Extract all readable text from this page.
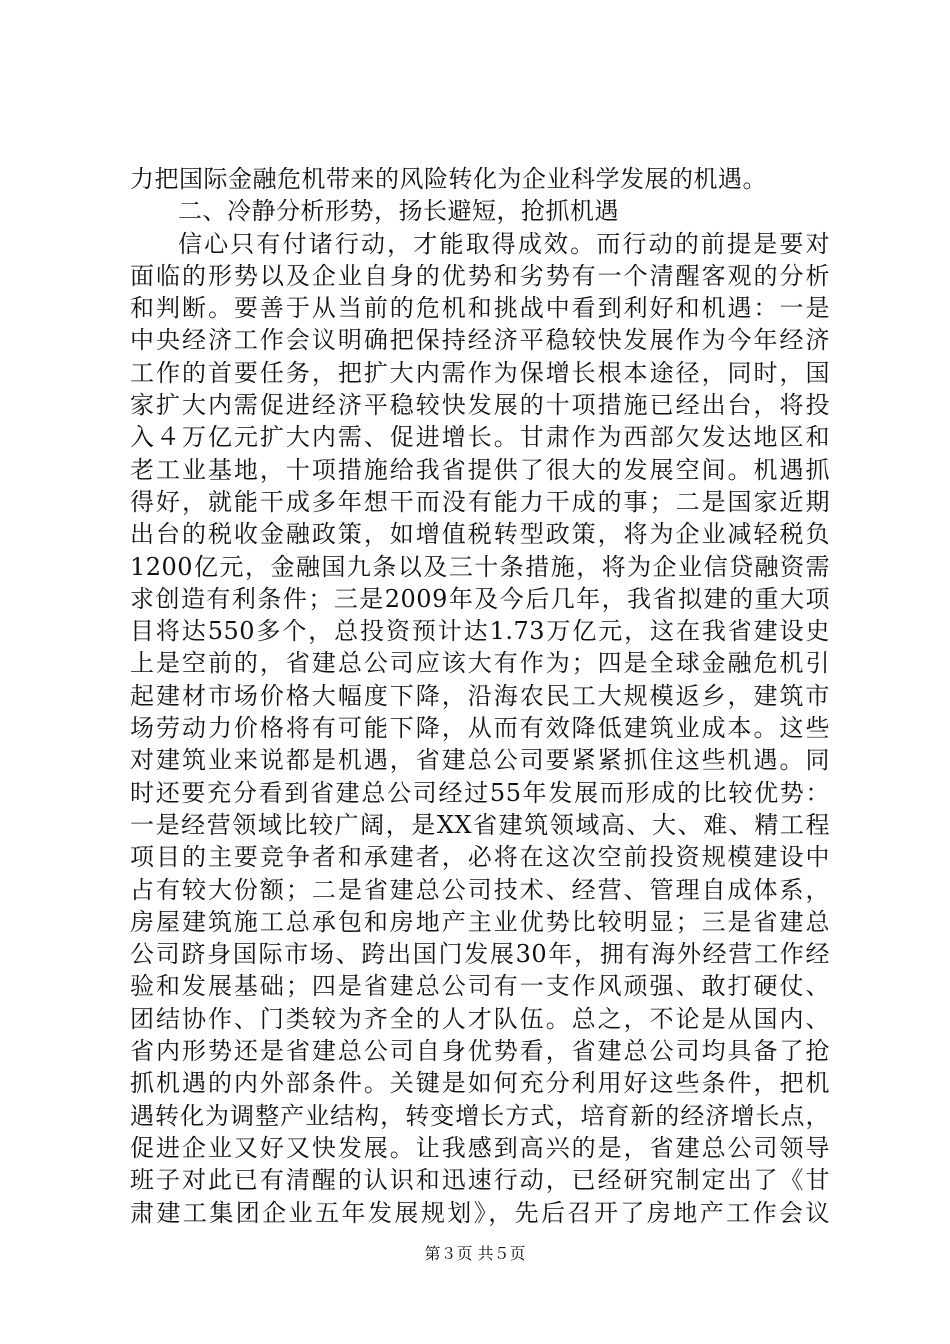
力把国际金融危机带来的风险转化为企业科学发展的机遇。
二、冷静分析形势，扬长避短，抢抓机遇
信心只有付诸行动，才能取得成效。而行动的前提是要对
面临的形势以及企业自身的优势和劣势有一个清醒客观的分析
和判断。要善于从当前的危机和挑战中看到利好和机遇：一是
中央经济工作会议明确把保持经济平稳较快发展作为今年经济
工作的首要任务，把扩大内需作为保增长根本途径，同时，国
家扩大内需促进经济平稳较快发展的十项措施已经出台，将投
入４万亿元扩大内需、促进增长。甘肃作为西部欠发达地区和
老工业基地，十项措施给我省提供了很大的发展空间。机遇抓
得好，就能干成多年想干而没有能力干成的事；二是国家近期
出台的税收金融政策，如增值税转型政策，将为企业减轻税负
1200亿元，金融国九条以及三十条措施，将为企业信贷融资需
求创造有利条件；三是2009年及今后几年，我省拟建的重大项
目将达550多个，总投资预计达1.73万亿元，这在我省建设史
上是空前的，省建总公司应该大有作为；四是全球金融危机引
起建材市场价格大幅度下降，沿海农民工大规模返乡，建筑市
场劳动力价格将有可能下降，从而有效降低建筑业成本。这些
对建筑业来说都是机遇，省建总公司要紧紧抓住这些机遇。同
时还要充分看到省建总公司经过55年发展而形成的比较优势：
一是经营领域比较广阔，是XX省建筑领域高、大、难、精工程
项目的主要竞争者和承建者，必将在这次空前投资规模建设中
占有较大份额；二是省建总公司技术、经营、管理自成体系，
房屋建筑施工总承包和房地产主业优势比较明显；三是省建总
公司跻身国际市场、跨出国门发展30年，拥有海外经营工作经
验和发展基础；四是省建总公司有一支作风顽强、敢打硬仗、
团结协作、门类较为齐全的人才队伍。总之，不论是从国内、
省内形势还是省建总公司自身优势看，省建总公司均具备了抢
抓机遇的内外部条件。关键是如何充分利用好这些条件，把机
遇转化为调整产业结构，转变增长方式，培育新的经济增长点，
促进企业又好又快发展。让我感到高兴的是，省建总公司领导
班子对此已有清醒的认识和迅速行动，已经研究制定出了《甘
肃建工集团企业五年发展规划》，先后召开了房地产工作会议
第３页 共５页
